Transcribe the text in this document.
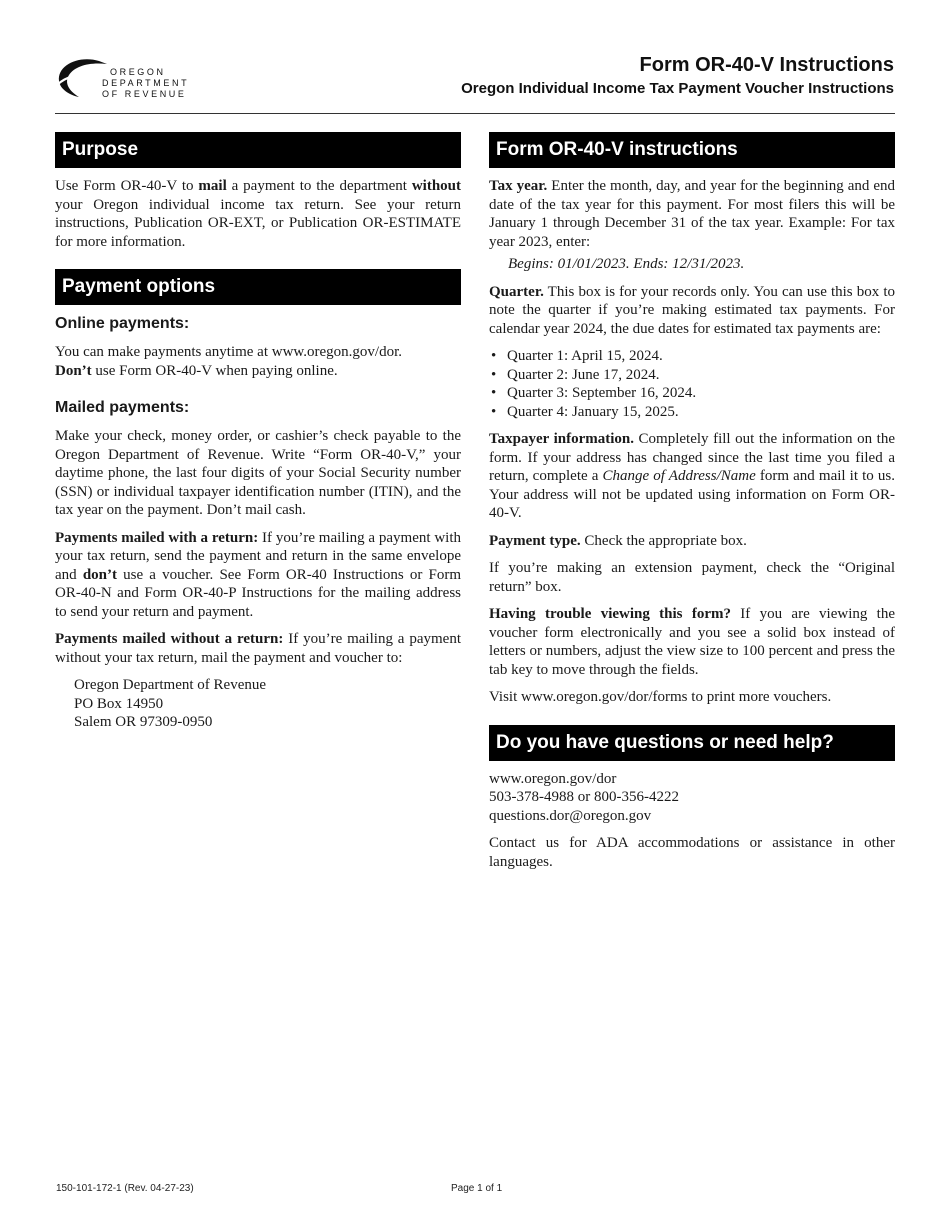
OREGON
DEPARTMENT
OF REVENUE
Form OR-40-V Instructions
Oregon Individual Income Tax Payment Voucher Instructions
Purpose

Use Form OR-40-V to mail a payment to the department without your Oregon individual income tax return. See your return instructions, Publication OR-EXT, or Publication OR-ESTIMATE for more information.

Payment options
Online payments:

You can make payments anytime at www.oregon.gov/dor.
Don’t use Form OR-40-V when paying online.

Mailed payments:

Make your check, money order, or cashier’s check payable to the Oregon Department of Revenue. Write “Form OR-40-V,” your daytime phone, the last four digits of your Social Security number (SSN) or individual taxpayer identification number (ITIN), and the tax year on the payment. Don’t mail cash.

Payments mailed with a return: If you’re mailing a payment with your tax return, send the payment and return in the same envelope and don’t use a voucher. See Form OR-40 Instructions or Form OR-40-N and Form OR-40-P Instructions for the mailing address to send your return and payment.

Payments mailed without a return: If you’re mailing a payment without your tax return, mail the payment and voucher to:

Oregon Department of Revenue
PO Box 14950
Salem OR 97309-0950
Form OR-40-V instructions

Tax year. Enter the month, day, and year for the beginning and end date of the tax year for this payment. For most filers this will be January 1 through December 31 of the tax year. Example: For tax year 2023, enter:

Begins: 01/01/2023. Ends: 12/31/2023.

Quarter. This box is for your records only. You can use this box to note the quarter if you’re making estimated tax payments. For calendar year 2024, the due dates for estimated tax payments are:

• Quarter 1: April 15, 2024.
• Quarter 2: June 17, 2024.
• Quarter 3: September 16, 2024.
• Quarter 4: January 15, 2025.

Taxpayer information. Completely fill out the information on the form. If your address has changed since the last time you filed a return, complete a Change of Address/Name form and mail it to us. Your address will not be updated using information on Form OR-40-V.

Payment type. Check the appropriate box.

If you’re making an extension payment, check the “Original return” box.

Having trouble viewing this form? If you are viewing the voucher form electronically and you see a solid box instead of letters or numbers, adjust the view size to 100 percent and press the tab key to move through the fields.

Visit www.oregon.gov/dor/forms to print more vouchers.

Do you have questions or need help?
www.oregon.gov/dor
503-378-4988 or 800-356-4222
questions.dor@oregon.gov

Contact us for ADA accommodations or assistance in other languages.

150-101-172-1 (Rev. 04-27-23)	Page 1 of 1
